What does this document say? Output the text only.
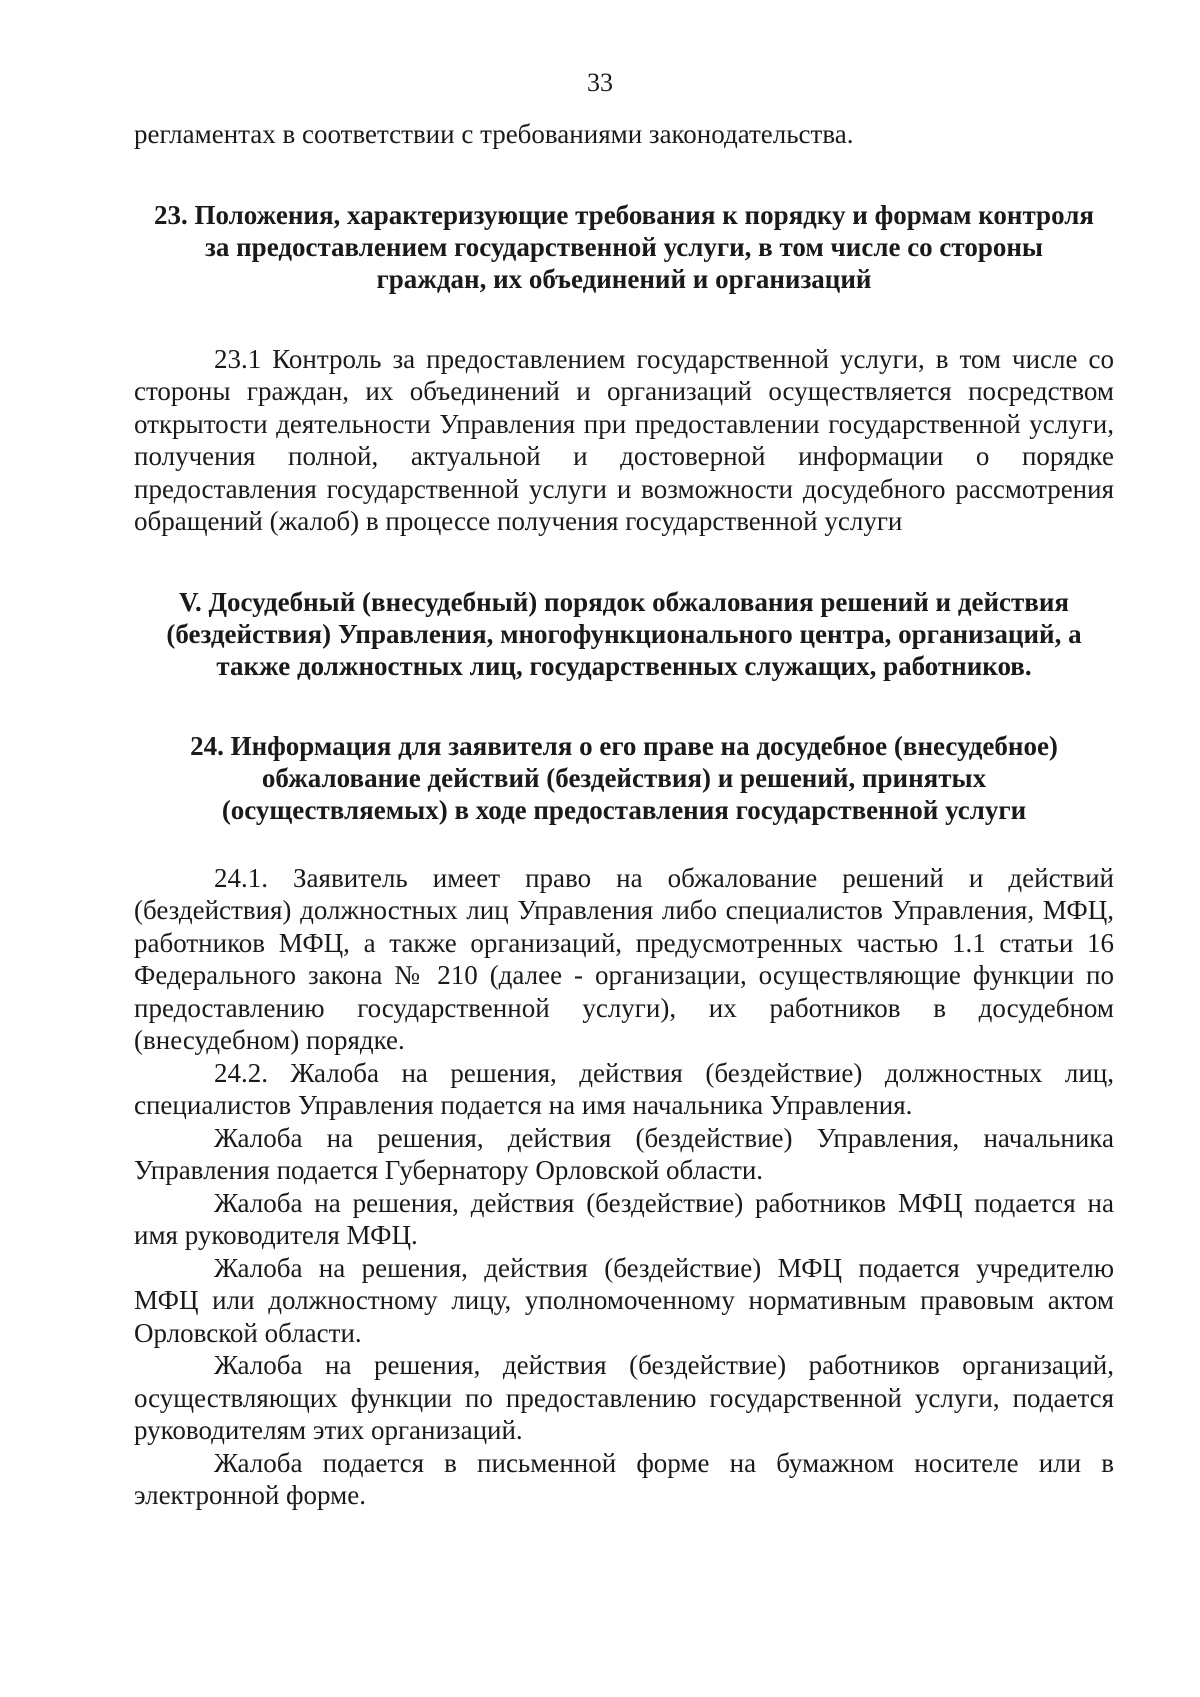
33

регламентах в соответствии с требованиями законодательства.

23. Положения, характеризующие требования к порядку и формам контроля за предоставлением государственной услуги, в том числе со стороны граждан, их объединений и организаций

23.1 Контроль за предоставлением государственной услуги, в том числе со стороны граждан, их объединений и организаций осуществляется посредством открытости деятельности Управления при предоставлении государственной услуги, получения полной, актуальной и достоверной информации о порядке предоставления государственной услуги и возможности досудебного рассмотрения обращений (жалоб) в процессе получения государственной услуги

V. Досудебный (внесудебный) порядок обжалования решений и действия (бездействия) Управления, многофункционального центра, организаций, а также должностных лиц, государственных служащих, работников.
24. Информация для заявителя о его праве на досудебное (внесудебное) обжалование действий (бездействия) и решений, принятых (осуществляемых) в ходе предоставления государственной услуги

24.1. Заявитель имеет право на обжалование решений и действий (бездействия) должностных лиц Управления либо специалистов Управления, МФЦ, работников МФЦ, а также организаций, предусмотренных частью 1.1 статьи 16 Федерального закона № 210 (далее - организации, осуществляющие функции по предоставлению государственной услуги), их работников в досудебном (внесудебном) порядке.

24.2. Жалоба на решения, действия (бездействие) должностных лиц, специалистов Управления подается на имя начальника Управления.

Жалоба на решения, действия (бездействие) Управления, начальника Управления подается Губернатору Орловской области.

Жалоба на решения, действия (бездействие) работников МФЦ подается на имя руководителя МФЦ.

Жалоба на решения, действия (бездействие) МФЦ подается учредителю МФЦ или должностному лицу, уполномоченному нормативным правовым актом Орловской области.

Жалоба на решения, действия (бездействие) работников организаций, осуществляющих функции по предоставлению государственной услуги, подается руководителям этих организаций.

Жалоба подается в письменной форме на бумажном носителе или в электронной форме.
